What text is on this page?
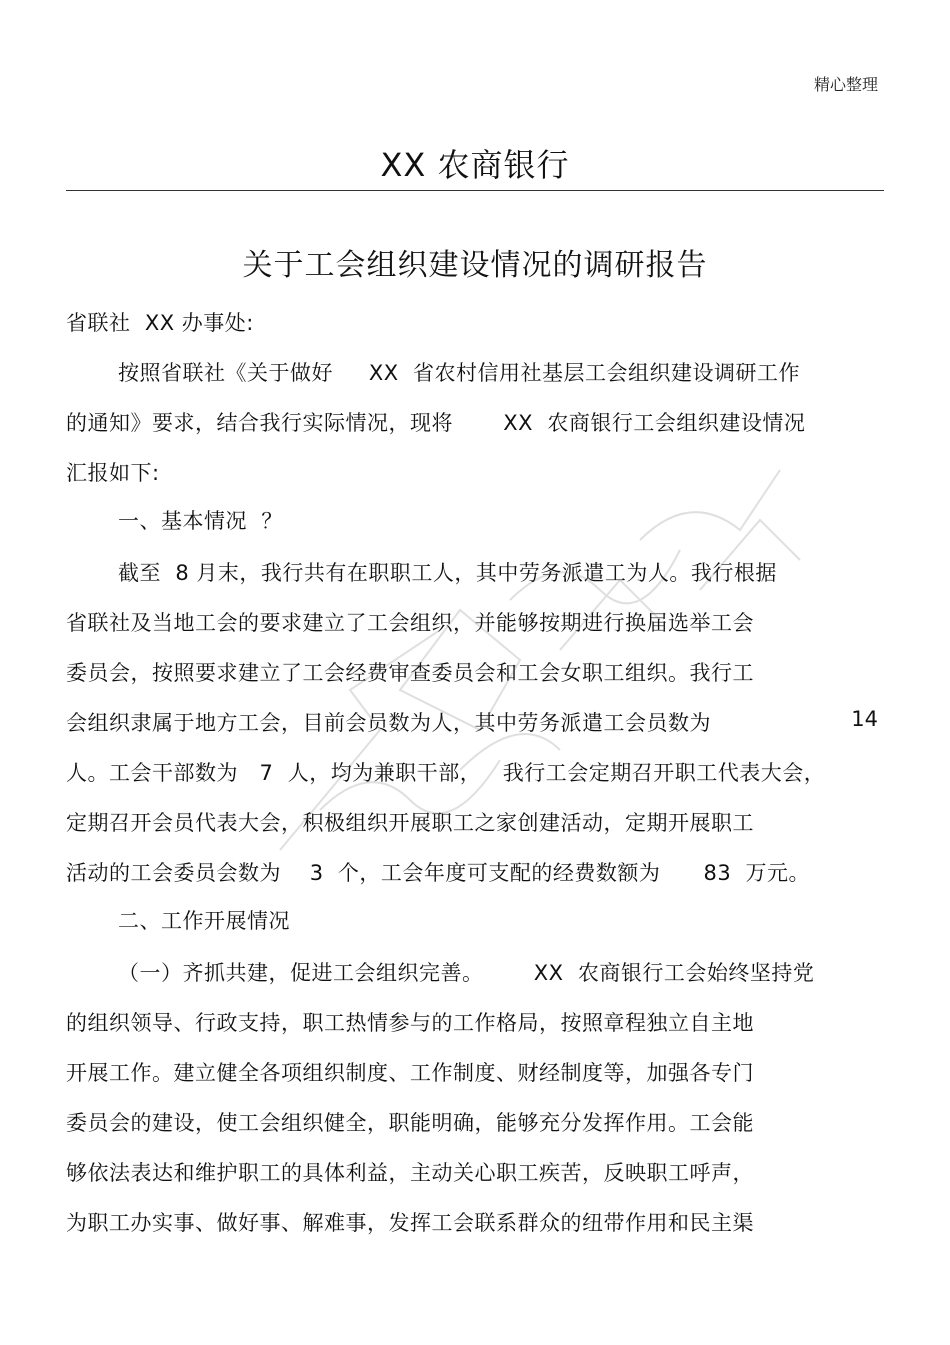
精心整理
XX 农商银行
关于工会组织建设情况的调研报告
省联社  XX 办事处:
按照省联社《关于做好     XX  省农村信用社基层工会组织建设调研工作
的通知》要求，结合我行实际情况，现将       XX  农商银行工会组织建设情况
汇报如下:
一、基本情况  ？
截至  8 月末，我行共有在职职工人，其中劳务派遣工为人。我行根据
省联社及当地工会的要求建立了工会组织，并能够按期进行换届选举工会
委员会，按照要求建立了工会经费审查委员会和工会女职工组织。我行工
会组织隶属于地方工会，目前会员数为人，其中劳务派遣工会员数为	14
人。工会干部数为   7  人，均为兼职干部，   我行工会定期召开职工代表大会，
定期召开会员代表大会，积极组织开展职工之家创建活动，定期开展职工
活动的工会委员会数为    3  个，工会年度可支配的经费数额为      83  万元。
二、工作开展情况
（一）齐抓共建，促进工会组织完善。       XX  农商银行工会始终坚持党
的组织领导、行政支持，职工热情参与的工作格局，按照章程独立自主地
开展工作。建立健全各项组织制度、工作制度、财经制度等，加强各专门
委员会的建设，使工会组织健全，职能明确，能够充分发挥作用。工会能
够依法表达和维护职工的具体利益，主动关心职工疾苦，反映职工呼声，
为职工办实事、做好事、解难事，发挥工会联系群众的纽带作用和民主渠
